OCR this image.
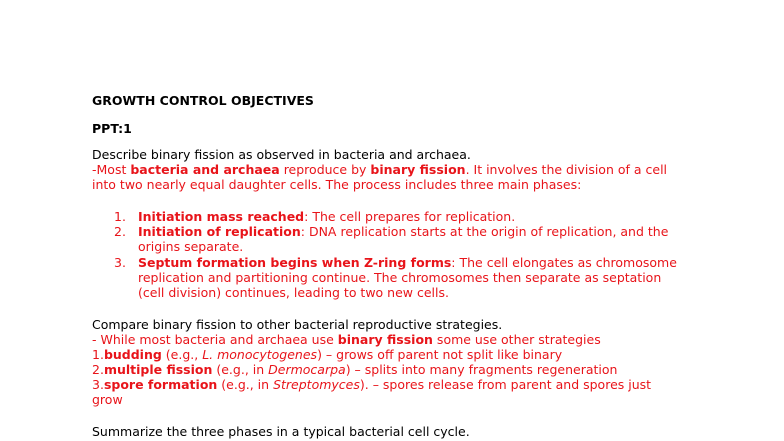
GROWTH CONTROL OBJECTIVES
PPT:1
Describe binary fission as observed in bacteria and archaea.
-Most bacteria and archaea reproduce by binary fission. It involves the division of a cell
into two nearly equal daughter cells. The process includes three main phases:
1. Initiation mass reached: The cell prepares for replication.
2. Initiation of replication: DNA replication starts at the origin of replication, and the
origins separate.
3. Septum formation begins when Z-ring forms: The cell elongates as chromosome
replication and partitioning continue. The chromosomes then separate as septation
(cell division) continues, leading to two new cells.
Compare binary fission to other bacterial reproductive strategies.
- While most bacteria and archaea use binary fission some use other strategies
1.budding (e.g., L. monocytogenes) – grows off parent not split like binary
2.multiple fission (e.g., in Dermocarpa) – splits into many fragments regeneration
3.spore formation (e.g., in Streptomyces). – spores release from parent and spores just
grow
Summarize the three phases in a typical bacterial cell cycle.
